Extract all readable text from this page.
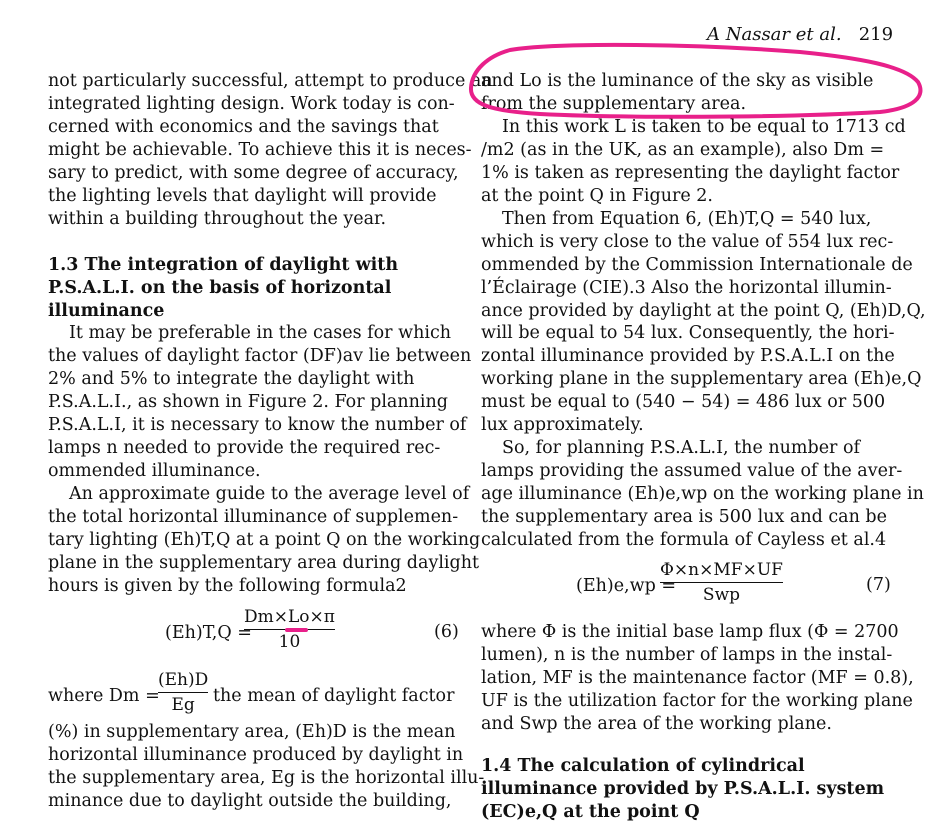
A Nassar et al. 219
not particularly successful, attempt to produce an
integrated lighting design. Work today is con-
cerned with economics and the savings that
might be achievable. To achieve this it is neces-
sary to predict, with some degree of accuracy,
the lighting levels that daylight will provide
within a building throughout the year.
1.3 The integration of daylight with
P.S.A.L.I. on the basis of horizontal
illuminance
It may be preferable in the cases for which
the values of daylight factor (DF)av lie between
2% and 5% to integrate the daylight with
P.S.A.L.I., as shown in Figure 2. For planning
P.S.A.L.I, it is necessary to know the number of
lamps n needed to provide the required rec-
ommended illuminance.
An approximate guide to the average level of
the total horizontal illuminance of supplemen-
tary lighting (Eh)T,Q at a point Q on the working
plane in the supplementary area during daylight
hours is given by the following formula2
(Eh)T,Q =
Dm×Lo×π
10	(6)
where Dm =
(Eh)D
Eg the mean of daylight factor
(%) in supplementary area, (Eh)D is the mean
horizontal illuminance produced by daylight in
the supplementary area, Eg is the horizontal illu-
minance due to daylight outside the building,
and Lo is the luminance of the sky as visible
from the supplementary area.
In this work L is taken to be equal to 1713 cd
/m2 (as in the UK, as an example), also Dm =
1% is taken as representing the daylight factor
at the point Q in Figure 2.
Then from Equation 6, (Eh)T,Q = 540 lux,
which is very close to the value of 554 lux rec-
ommended by the Commission Internationale de
l’Éclairage (CIE).3 Also the horizontal illumin-
ance provided by daylight at the point Q, (Eh)D,Q,
will be equal to 54 lux. Consequently, the hori-
zontal illuminance provided by P.S.A.L.I on the
working plane in the supplementary area (Eh)e,Q
must be equal to (540 − 54) = 486 lux or 500
lux approximately.
So, for planning P.S.A.L.I, the number of
lamps providing the assumed value of the aver-
age illuminance (Eh)e,wp on the working plane in
the supplementary area is 500 lux and can be
calculated from the formula of Cayless et al.4
(Eh)e,wp =
Φ×n×MF×UF
Swp	(7)
where Φ is the initial base lamp flux (Φ = 2700
lumen), n is the number of lamps in the instal-
lation, MF is the maintenance factor (MF = 0.8),
UF is the utilization factor for the working plane
and Swp the area of the working plane.
1.4 The calculation of cylindrical
illuminance provided by P.S.A.L.I. system
(EC)e,Q at the point Q
